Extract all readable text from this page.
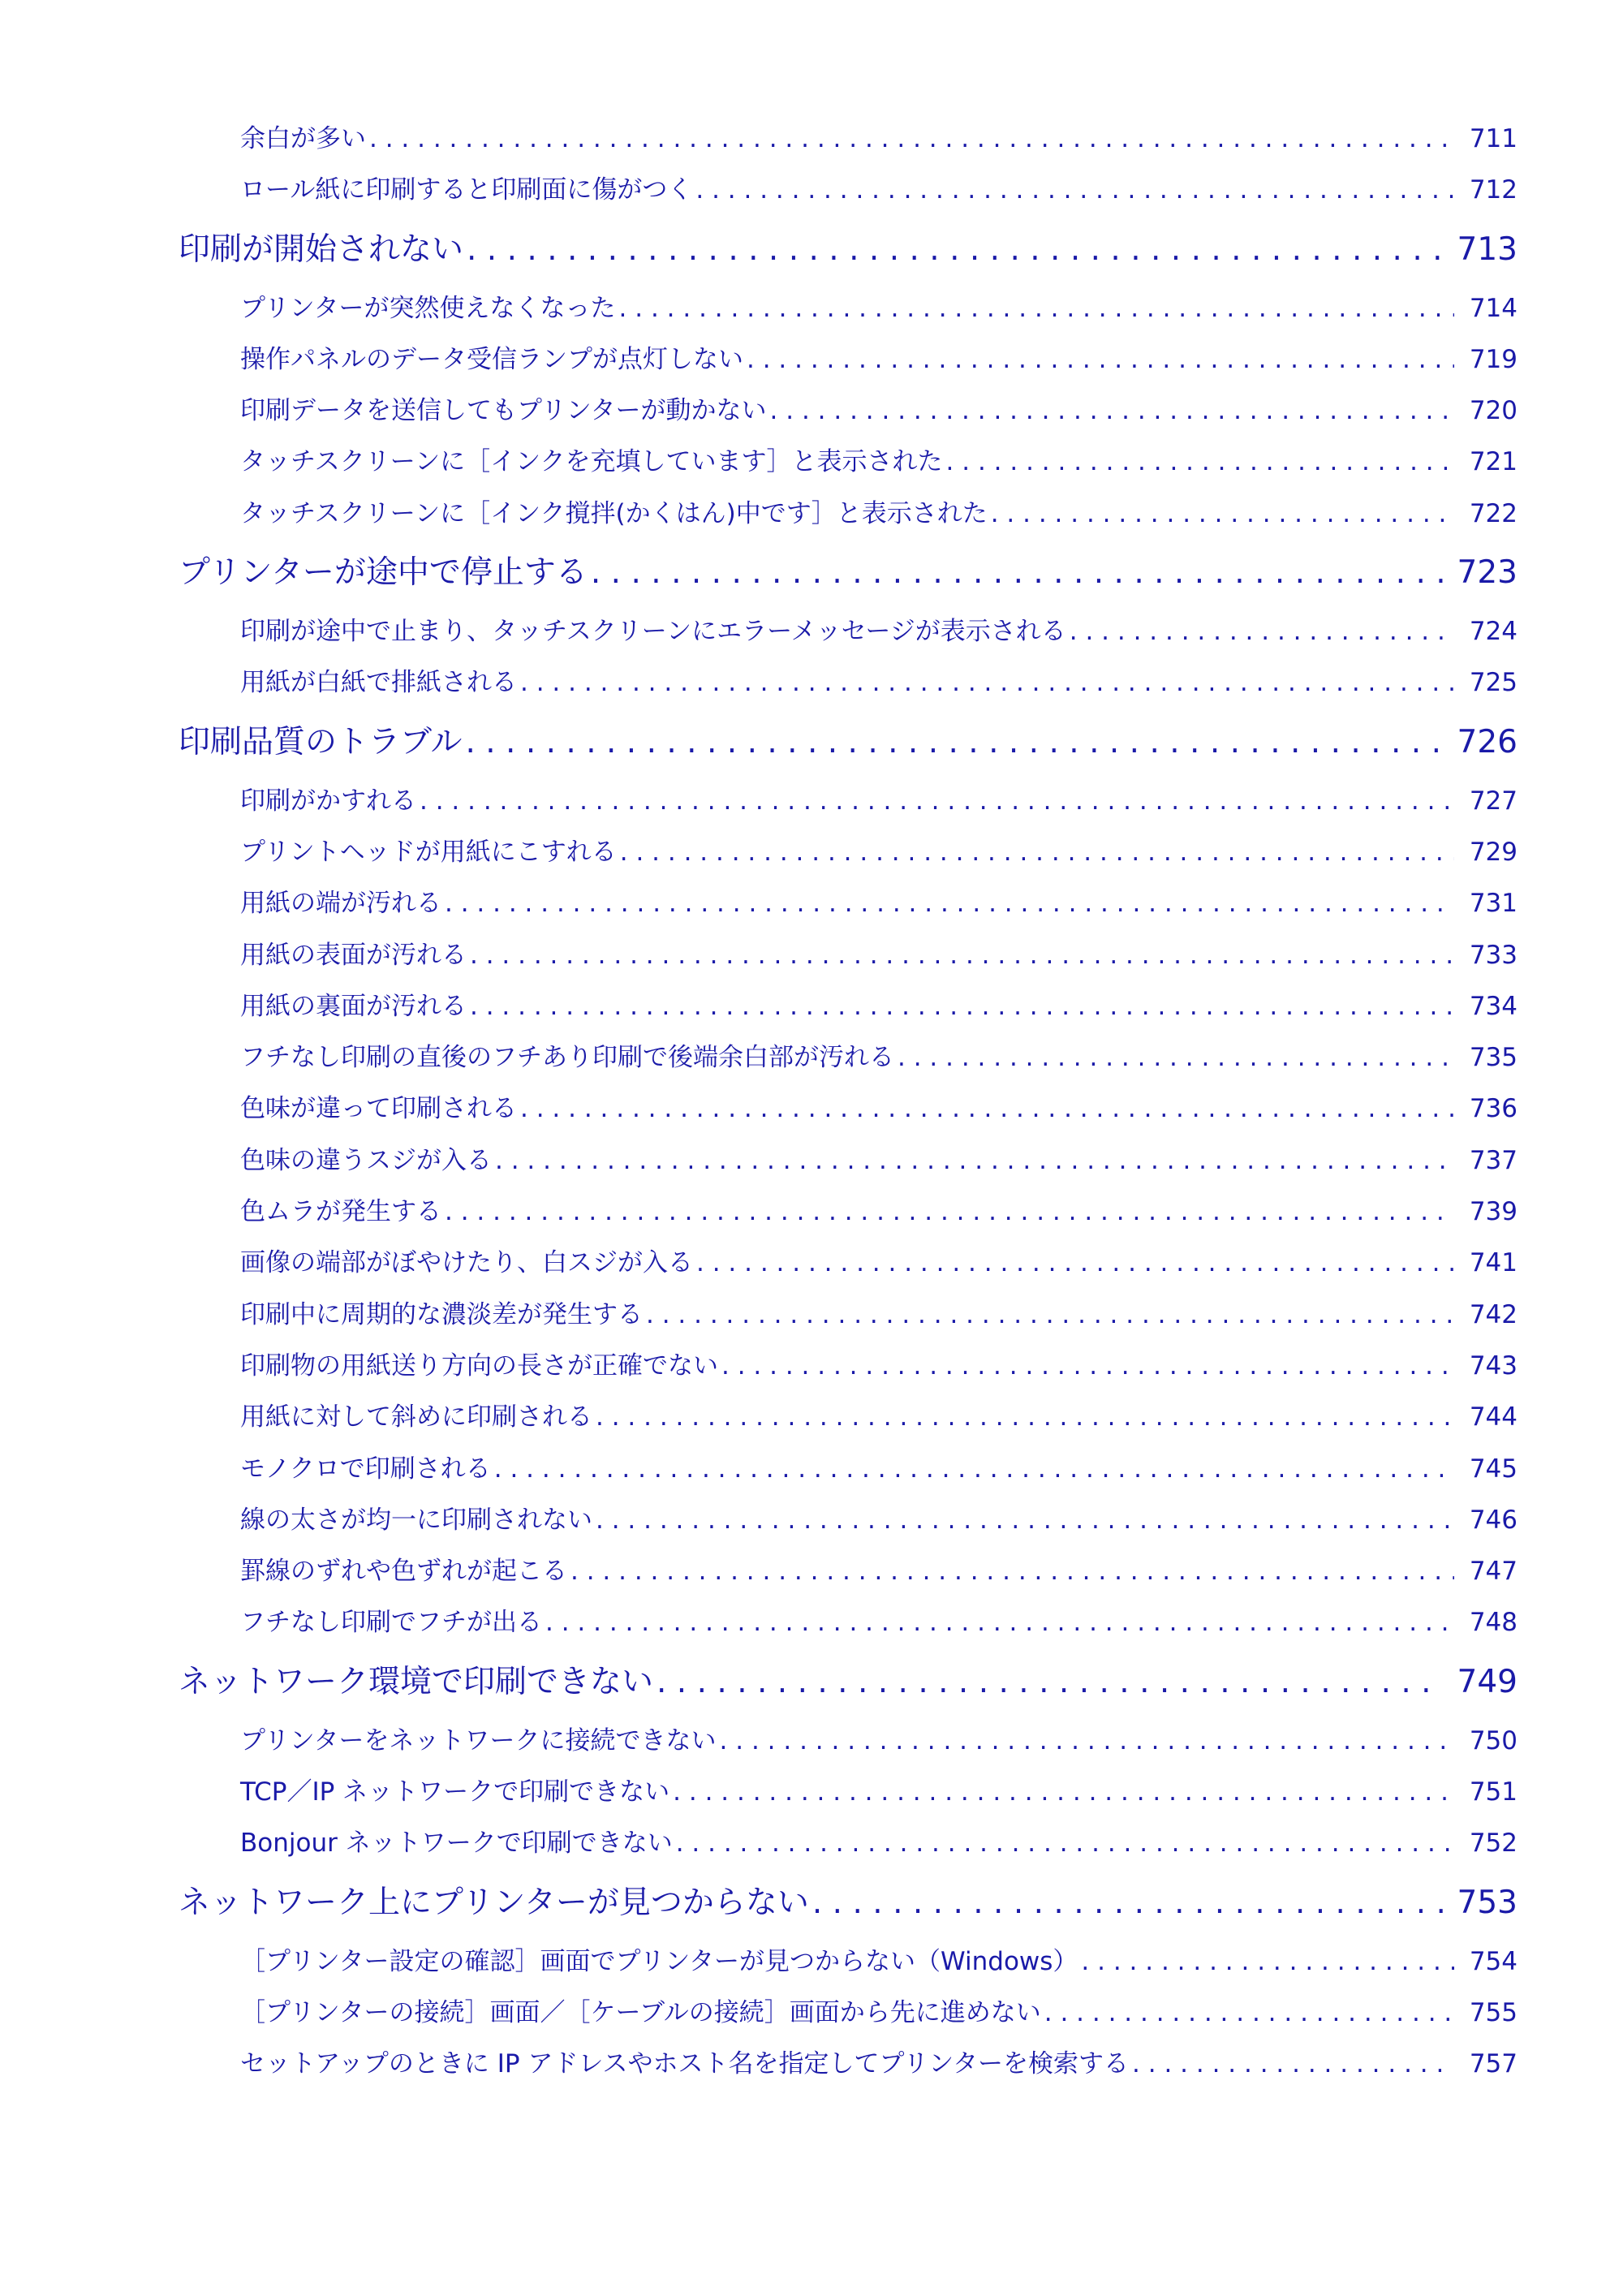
余白が多い . . .	711
ロール紙に印刷すると印刷面に傷がつく . . .	712
印刷が開始されない . . .	713
プリンターが突然使えなくなった . . .	714
操作パネルのデータ受信ランプが点灯しない . . .	719
印刷データを送信してもプリンターが動かない . . .	720
タッチスクリーンに［インクを充填しています］と表示された . . .	721
タッチスクリーンに［インク撹拌(かくはん)中です］と表示された . . .	722
プリンターが途中で停止する . . .	723
印刷が途中で止まり、タッチスクリーンにエラーメッセージが表示される . . .	724
用紙が白紙で排紙される . . .	725
印刷品質のトラブル . . .	726
印刷がかすれる . . .	727
プリントヘッドが用紙にこすれる . . .	729
用紙の端が汚れる . . .	731
用紙の表面が汚れる . . .	733
用紙の裏面が汚れる . . .	734
フチなし印刷の直後のフチあり印刷で後端余白部が汚れる . . .	735
色味が違って印刷される . . .	736
色味の違うスジが入る . . .	737
色ムラが発生する . . .	739
画像の端部がぼやけたり、白スジが入る . . .	741
印刷中に周期的な濃淡差が発生する . . .	742
印刷物の用紙送り方向の長さが正確でない . . .	743
用紙に対して斜めに印刷される . . .	744
モノクロで印刷される . . .	745
線の太さが均一に印刷されない . . .	746
罫線のずれや色ずれが起こる . . .	747
フチなし印刷でフチが出る . . .	748
ネットワーク環境で印刷できない . . .	749
プリンターをネットワークに接続できない . . .	750
TCP／IP ネットワークで印刷できない . . .	751
Bonjour ネットワークで印刷できない . . .	752
ネットワーク上にプリンターが見つからない . . .	753
［プリンター設定の確認］画面でプリンターが見つからない（Windows） . . .	754
［プリンターの接続］画面／［ケーブルの接続］画面から先に進めない . . .	755
セットアップのときに IP アドレスやホスト名を指定してプリンターを検索する . . .	757
